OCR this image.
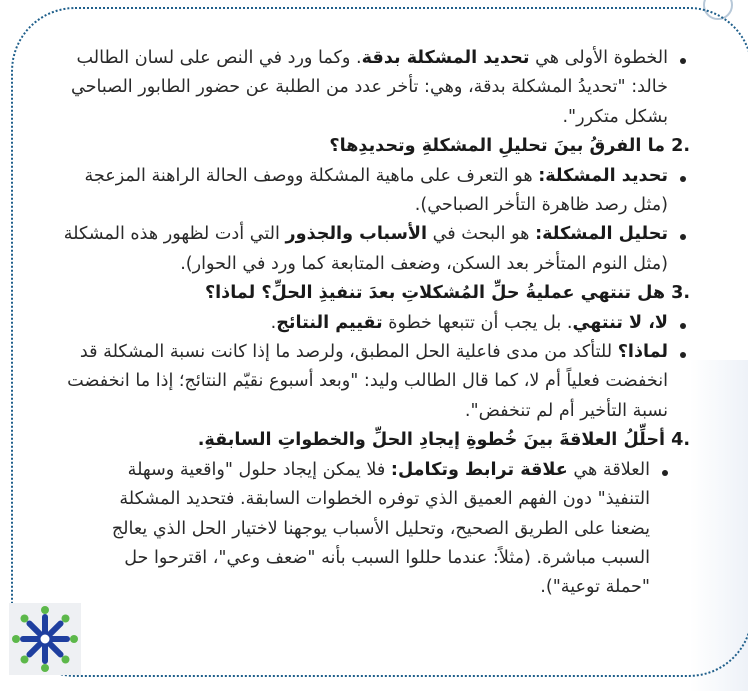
الخطوة الأولى هي تحديد المشكلة بدقة. وكما ورد في النص على لسان الطالب خالد: "تحديدُ المشكلة بدقة، وهي: تأخر عدد من الطلبة عن حضور الطابور الصباحي بشكل متكرر".
.2ما الفرقُ بينَ تحليلِ المشكلةِ وتحديدِها؟
تحديد المشكلة: هو التعرف على ماهية المشكلة ووصف الحالة الراهنة المزعجة (مثل رصد ظاهرة التأخر الصباحي).
تحليل المشكلة: هو البحث في الأسباب والجذور التي أدت لظهور هذه المشكلة (مثل النوم المتأخر بعد السكن، وضعف المتابعة كما ورد في الحوار).
.3هل تنتهي عمليةُ حلِّ المُشكلاتِ بعدَ تنفيذِ الحلِّ؟ لماذا؟
لا، لا تنتهي. بل يجب أن تتبعها خطوة تقييم النتائج.
لماذا؟ للتأكد من مدى فاعلية الحل المطبق، ولرصد ما إذا كانت نسبة المشكلة قد انخفضت فعلياً أم لا، كما قال الطالب وليد: "وبعد أسبوع نقيّم النتائج؛ إذا ما انخفضت نسبة التأخير أم لم تنخفض".
.4أحلِّلُ العلاقةَ بينَ خُطوةِ إيجادِ الحلِّ والخطواتِ السابقةِ.
العلاقة هي علاقة ترابط وتكامل: فلا يمكن إيجاد حلول "واقعية وسهلة التنفيذ" دون الفهم العميق الذي توفره الخطوات السابقة. فتحديد المشكلة يضعنا على الطريق الصحيح، وتحليل الأسباب يوجهنا لاختيار الحل الذي يعالج السبب مباشرة. (مثلاً: عندما حللوا السبب بأنه "ضعف وعي"، اقترحوا حل "حملة توعية").
